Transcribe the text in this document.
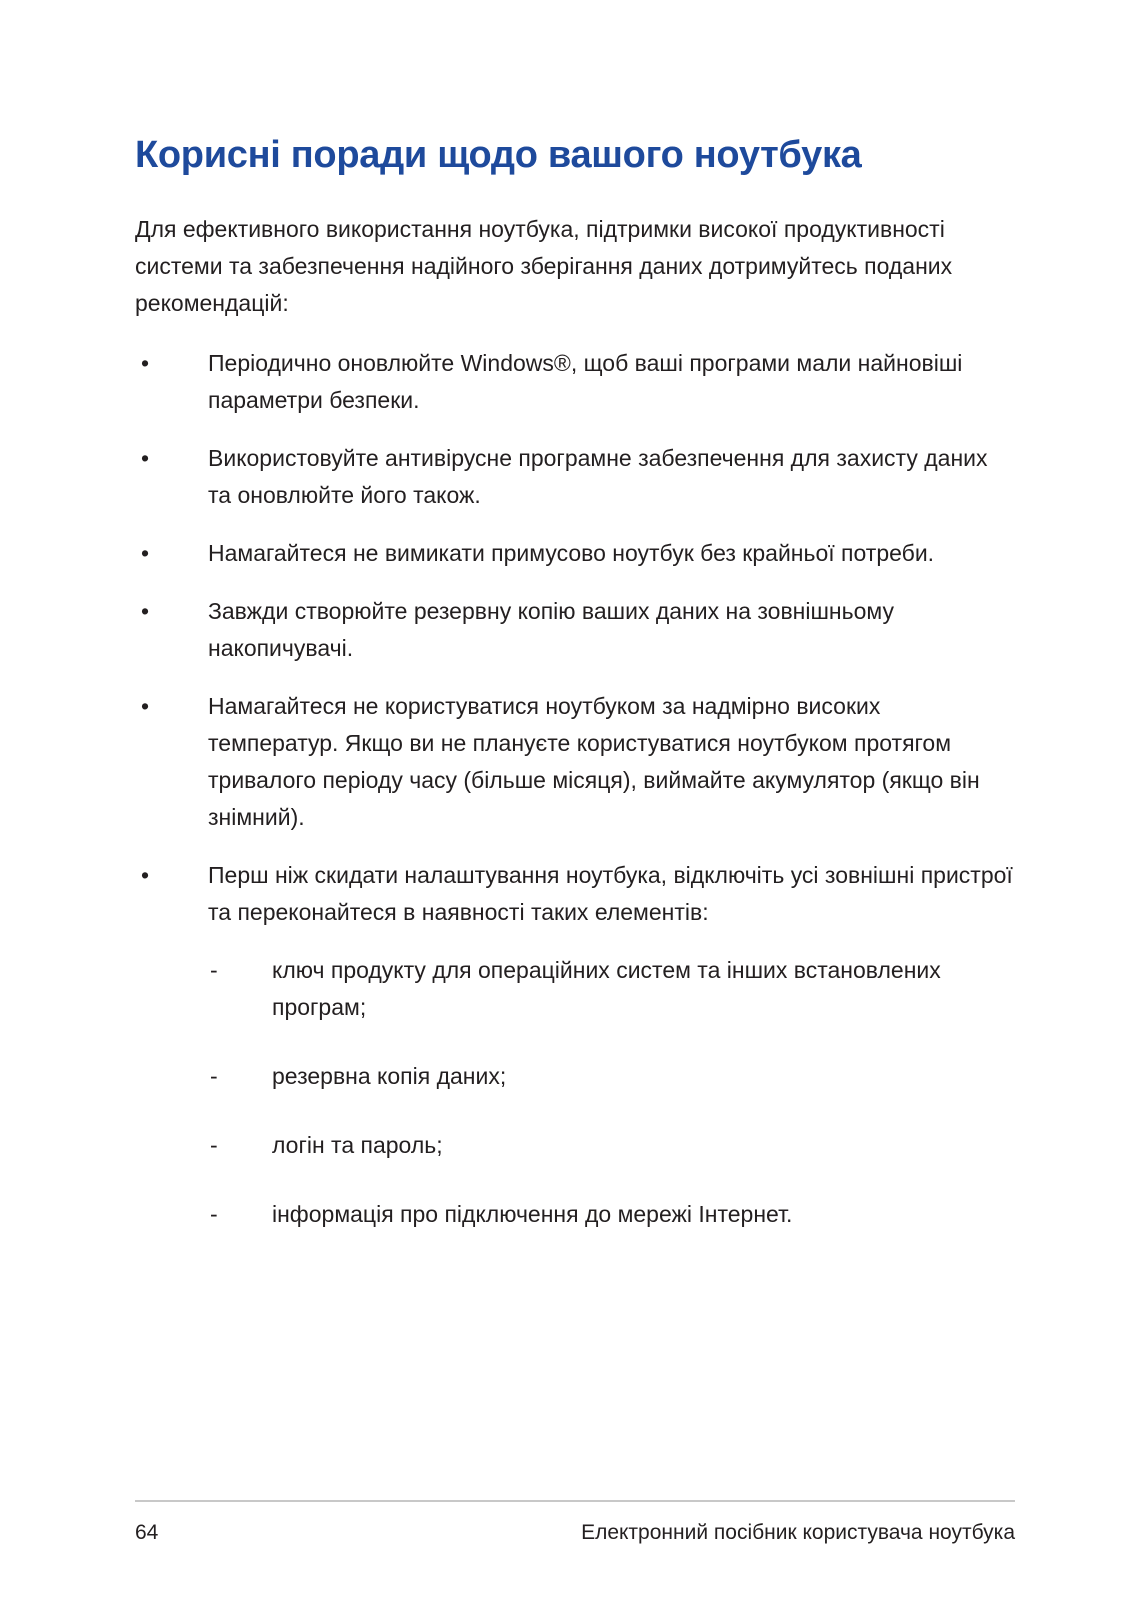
Корисні поради щодо вашого ноутбука

Для ефективного використання ноутбука, підтримки високої продуктивності системи та забезпечення надійного зберігання даних дотримуйтесь поданих рекомендацій:

•	Періодично оновлюйте Windows®, щоб ваші програми мали найновіші параметри безпеки.
•	Використовуйте антивірусне програмне забезпечення для захисту даних та оновлюйте його також.
•	Намагайтеся не вимикати примусово ноутбук без крайньої потреби.
•	Завжди створюйте резервну копію ваших даних на зовнішньому накопичувачі.
•	Намагайтеся не користуватися ноутбуком за надмірно високих температур. Якщо ви не плануєте користуватися ноутбуком протягом тривалого періоду часу (більше місяця), виймайте акумулятор (якщо він знімний).
•	Перш ніж скидати налаштування ноутбука, відключіть усі зовнішні пристрої та переконайтеся в наявності таких елементів:
-	ключ продукту для операційних систем та інших встановлених програм;
-	резервна копія даних;
-	логін та пароль;
-	інформація про підключення до мережі Інтернет.
64	Електронний посібник користувача ноутбука
